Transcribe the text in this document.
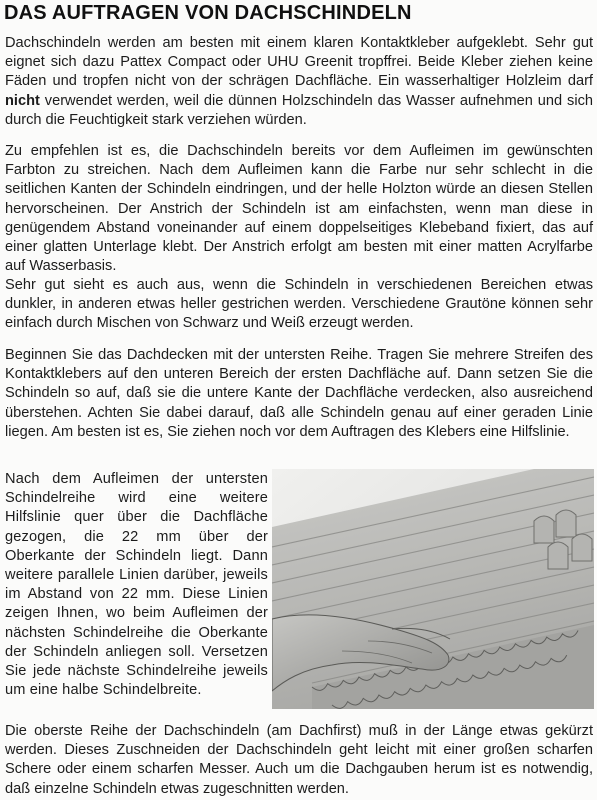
DAS AUFTRAGEN VON DACHSCHINDELN

Dachschindeln werden am besten mit einem klaren Kontaktkleber aufgeklebt. Sehr gut eignet sich dazu Pattex Compact oder UHU Greenit tropffrei. Beide Kleber ziehen keine Fäden und tropfen nicht von der schrägen Dachfläche. Ein wasserhaltiger Holzleim darf nicht verwendet werden, weil die dünnen Holzschindeln das Wasser aufnehmen und sich durch die Feuchtigkeit stark verziehen würden.

Zu empfehlen ist es, die Dachschindeln bereits vor dem Aufleimen im gewünschten Farbton zu streichen. Nach dem Aufleimen kann die Farbe nur sehr schlecht in die seitlichen Kanten der Schindeln eindringen, und der helle Holzton würde an diesen Stellen hervorscheinen. Der Anstrich der Schindeln ist am einfachsten, wenn man diese in genügendem Abstand voneinander auf einem doppelseitiges Klebeband fixiert, das auf einer glatten Unterlage klebt. Der Anstrich erfolgt am besten mit einer matten Acrylfarbe auf Wasserbasis.

Sehr gut sieht es auch aus, wenn die Schindeln in verschiedenen Bereichen etwas dunkler, in anderen etwas heller gestrichen werden. Verschiedene Grautöne können sehr einfach durch Mischen von Schwarz und Weiß erzeugt werden.

Beginnen Sie das Dachdecken mit der untersten Reihe. Tragen Sie mehrere Streifen des Kontaktklebers auf den unteren Bereich der ersten Dachfläche auf. Dann setzen Sie die Schindeln so auf, daß sie die untere Kante der Dachfläche verdecken, also ausreichend überstehen. Achten Sie dabei darauf, daß alle Schindeln genau auf einer geraden Linie liegen. Am besten ist es, Sie ziehen noch vor dem Auftragen des Klebers eine Hilfslinie.

Nach dem Aufleimen der untersten Schindelreihe wird eine weitere Hilfslinie quer über die Dachfläche gezogen, die 22 mm über der Oberkante der Schindeln liegt. Dann weitere parallele Linien darüber, jeweils im Abstand von 22 mm. Diese Linien zeigen Ihnen, wo beim Aufleimen der nächsten Schindelreihe die Oberkante der Schindeln anliegen soll. Versetzen Sie jede nächste Schindelreihe jeweils um eine halbe Schindelbreite.

Die oberste Reihe der Dachschindeln (am Dachfirst) muß in der Länge etwas gekürzt werden. Dieses Zuschneiden der Dachschindeln geht leicht mit einer großen scharfen Schere oder einem scharfen Messer. Auch um die Dachgauben herum ist es notwendig, daß einzelne Schindeln etwas zugeschnitten werden.
